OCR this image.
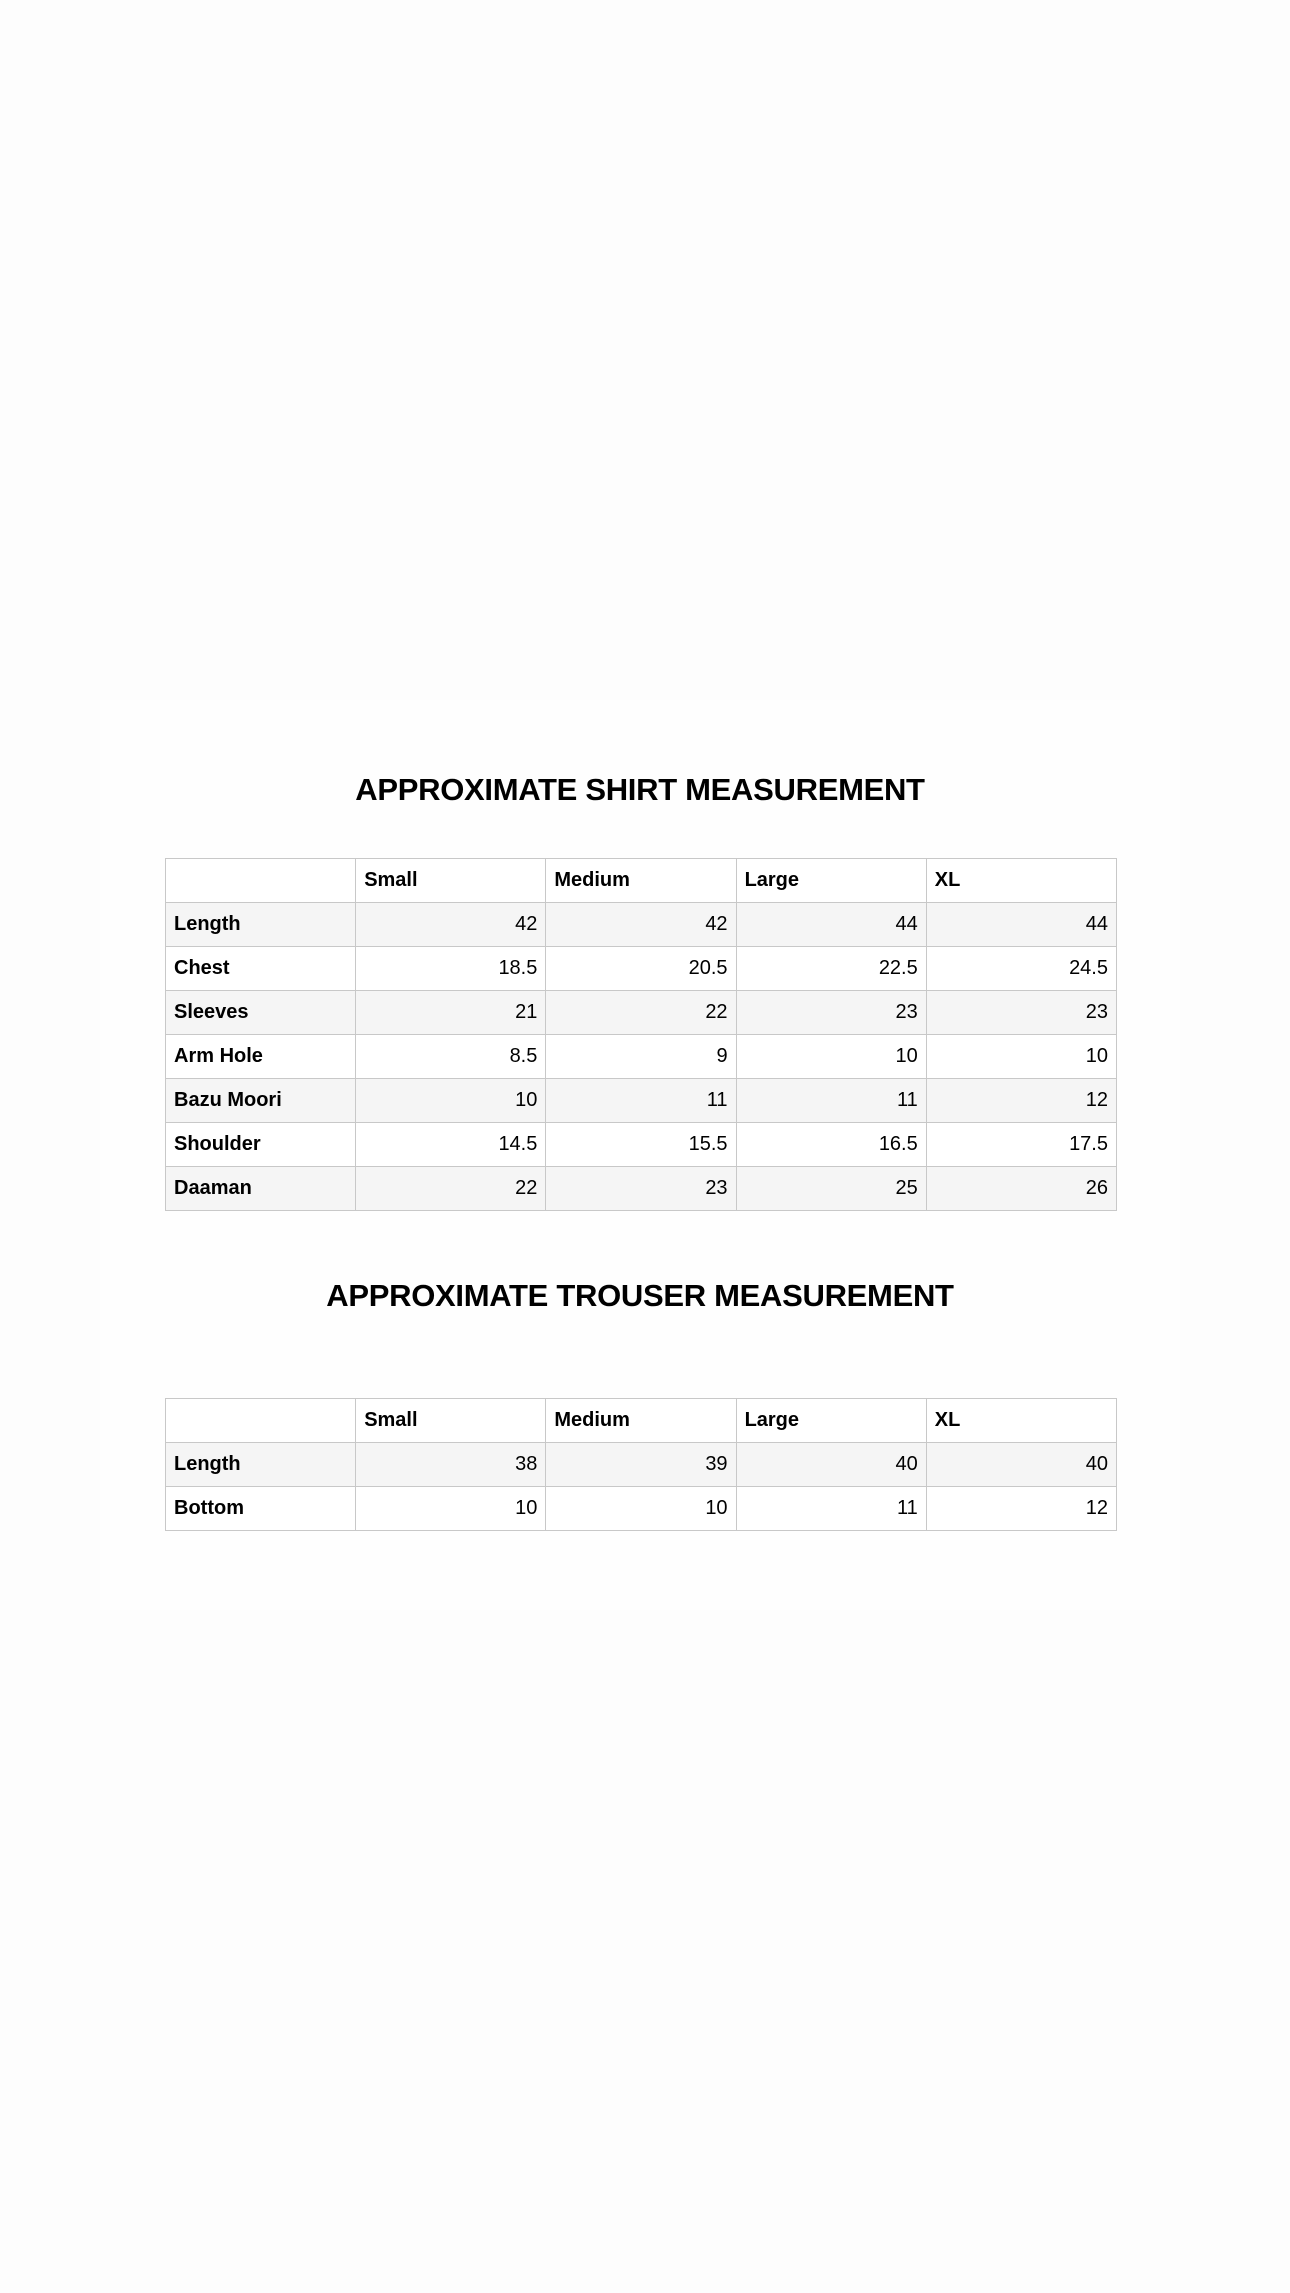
APPROXIMATE SHIRT MEASUREMENT
	Small	Medium	Large	XL
Length	42	42	44	44
Chest	18.5	20.5	22.5	24.5
Sleeves	21	22	23	23
Arm Hole	8.5	9	10	10
Bazu Moori	10	11	11	12
Shoulder	14.5	15.5	16.5	17.5
Daaman	22	23	25	26
APPROXIMATE TROUSER MEASUREMENT
	Small	Medium	Large	XL
Length	38	39	40	40
Bottom	10	10	11	12
